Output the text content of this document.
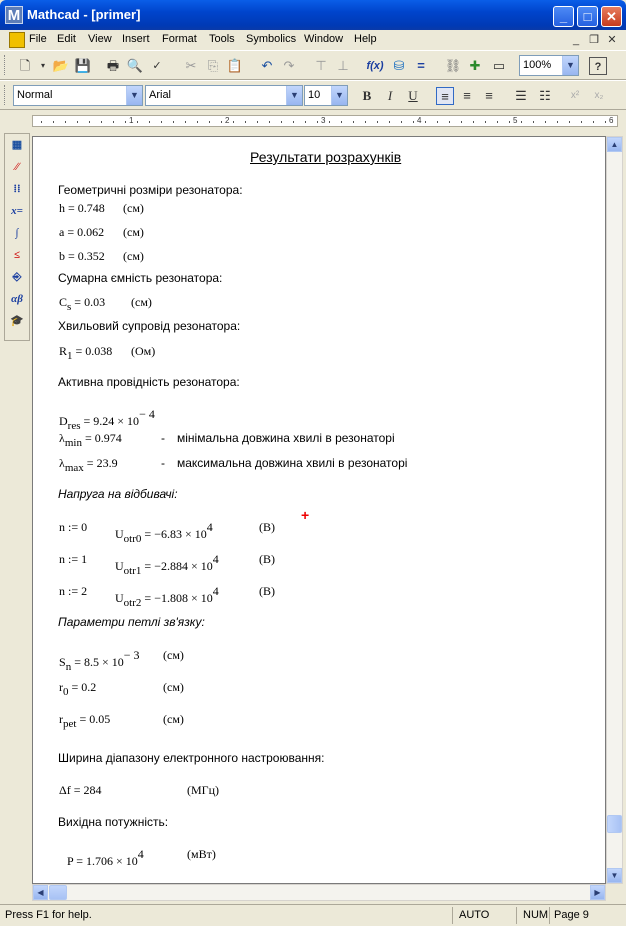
M Mathcad - [primer]	_	□	✕
File Edit View Insert Format Tools Symbolics Window Help	_ ❐ ✕
🗋	▾ 📂 💾 🖶 🔍 ✓	✂ ⎘ 📋 ↶ ↷ ⊤ ⊥	f(x) ⛁ =	⛓ ✚ ▭	100%	▼	?
Normal	▼ Arial	▼ 10	▼	B	I	U	≡	≡	≡	☰ ☷	x²	x₂
1	2	3	4	5	6
▦
∕∕
⁞⁞
x=
∫
≤
⎆
αβ
🎓
Результати розрахунків
Геометричні розміри резонатора:
h = 0.748 (см)
a = 0.062 (см)
b = 0.352 (см)
Сумарна ємність резонатора:
$C_s = 0.03$ (см)
Хвильовий супровід резонатора:
$R_1 = 0.038$ (Ом)
Активна провідність резонатора:
$D_{res} = 9.24 \times 10^{- 4}$
$\lambda_{min} = 0.974$	- мінімальна довжина хвилі в резонаторі
$\lambda_{max} = 23.9$	- максимальна довжина хвилі в резонаторі
Напруга на відбивачі:
n := 0 $U_{otr0} = -6.83 \times 10^4$	(В)
+
n := 1 $U_{otr1} = -2.884 \times 10^4$	(В)
n := 2 $U_{otr2} = -1.808 \times 10^4$	(В)
Параметри петлі зв'язку:
$S_n = 8.5 \times 10^{- 3}$ (см)
$r_0 = 0.2$	(см)
$r_{pet} = 0.05$	(см)
Ширина діапазону електронного настроювання:
Δf = 284	(МГц)
Вихідна потужність:
$P = 1.706 \times 10^4$	(мВт)
▲
▼
◀	▶
Press F1 for help.	AUTO	NUM Page 9
